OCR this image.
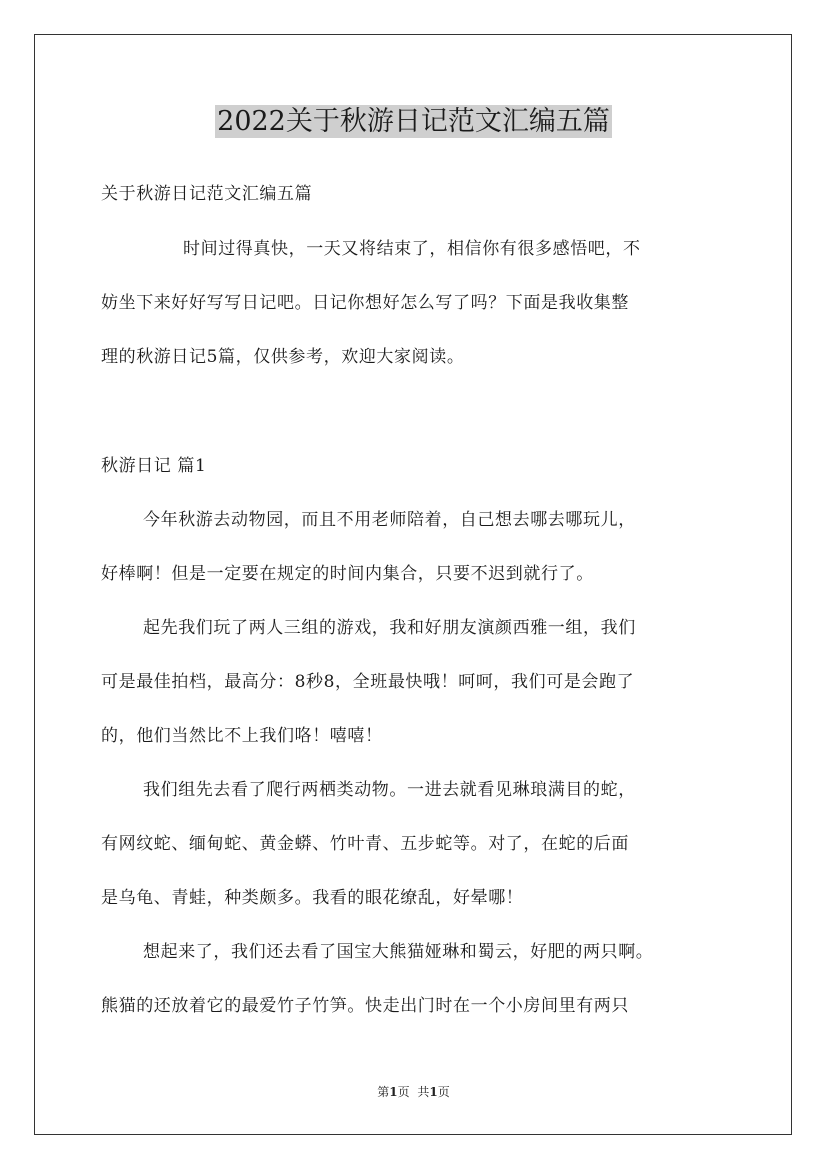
2022关于秋游日记范文汇编五篇
关于秋游日记范文汇编五篇
时间过得真快，一天又将结束了，相信你有很多感悟吧，不
妨坐下来好好写写日记吧。日记你想好怎么写了吗？下面是我收集整
理的秋游日记5篇，仅供参考，欢迎大家阅读。
秋游日记 篇1
今年秋游去动物园，而且不用老师陪着，自己想去哪去哪玩儿，
好棒啊！但是一定要在规定的时间内集合，只要不迟到就行了。
起先我们玩了两人三组的游戏，我和好朋友演颜西雅一组，我们
可是最佳拍档，最高分：8秒8，全班最快哦！呵呵，我们可是会跑了
的，他们当然比不上我们咯！嘻嘻！
我们组先去看了爬行两栖类动物。一进去就看见琳琅满目的蛇，
有网纹蛇、缅甸蛇、黄金蟒、竹叶青、五步蛇等。对了，在蛇的后面
是乌龟、青蛙，种类颇多。我看的眼花缭乱，好晕哪！
想起来了，我们还去看了国宝大熊猫娅琳和蜀云，好肥的两只啊。
熊猫的还放着它的最爱竹子竹笋。快走出门时在一个小房间里有两只
第1页 共1页
